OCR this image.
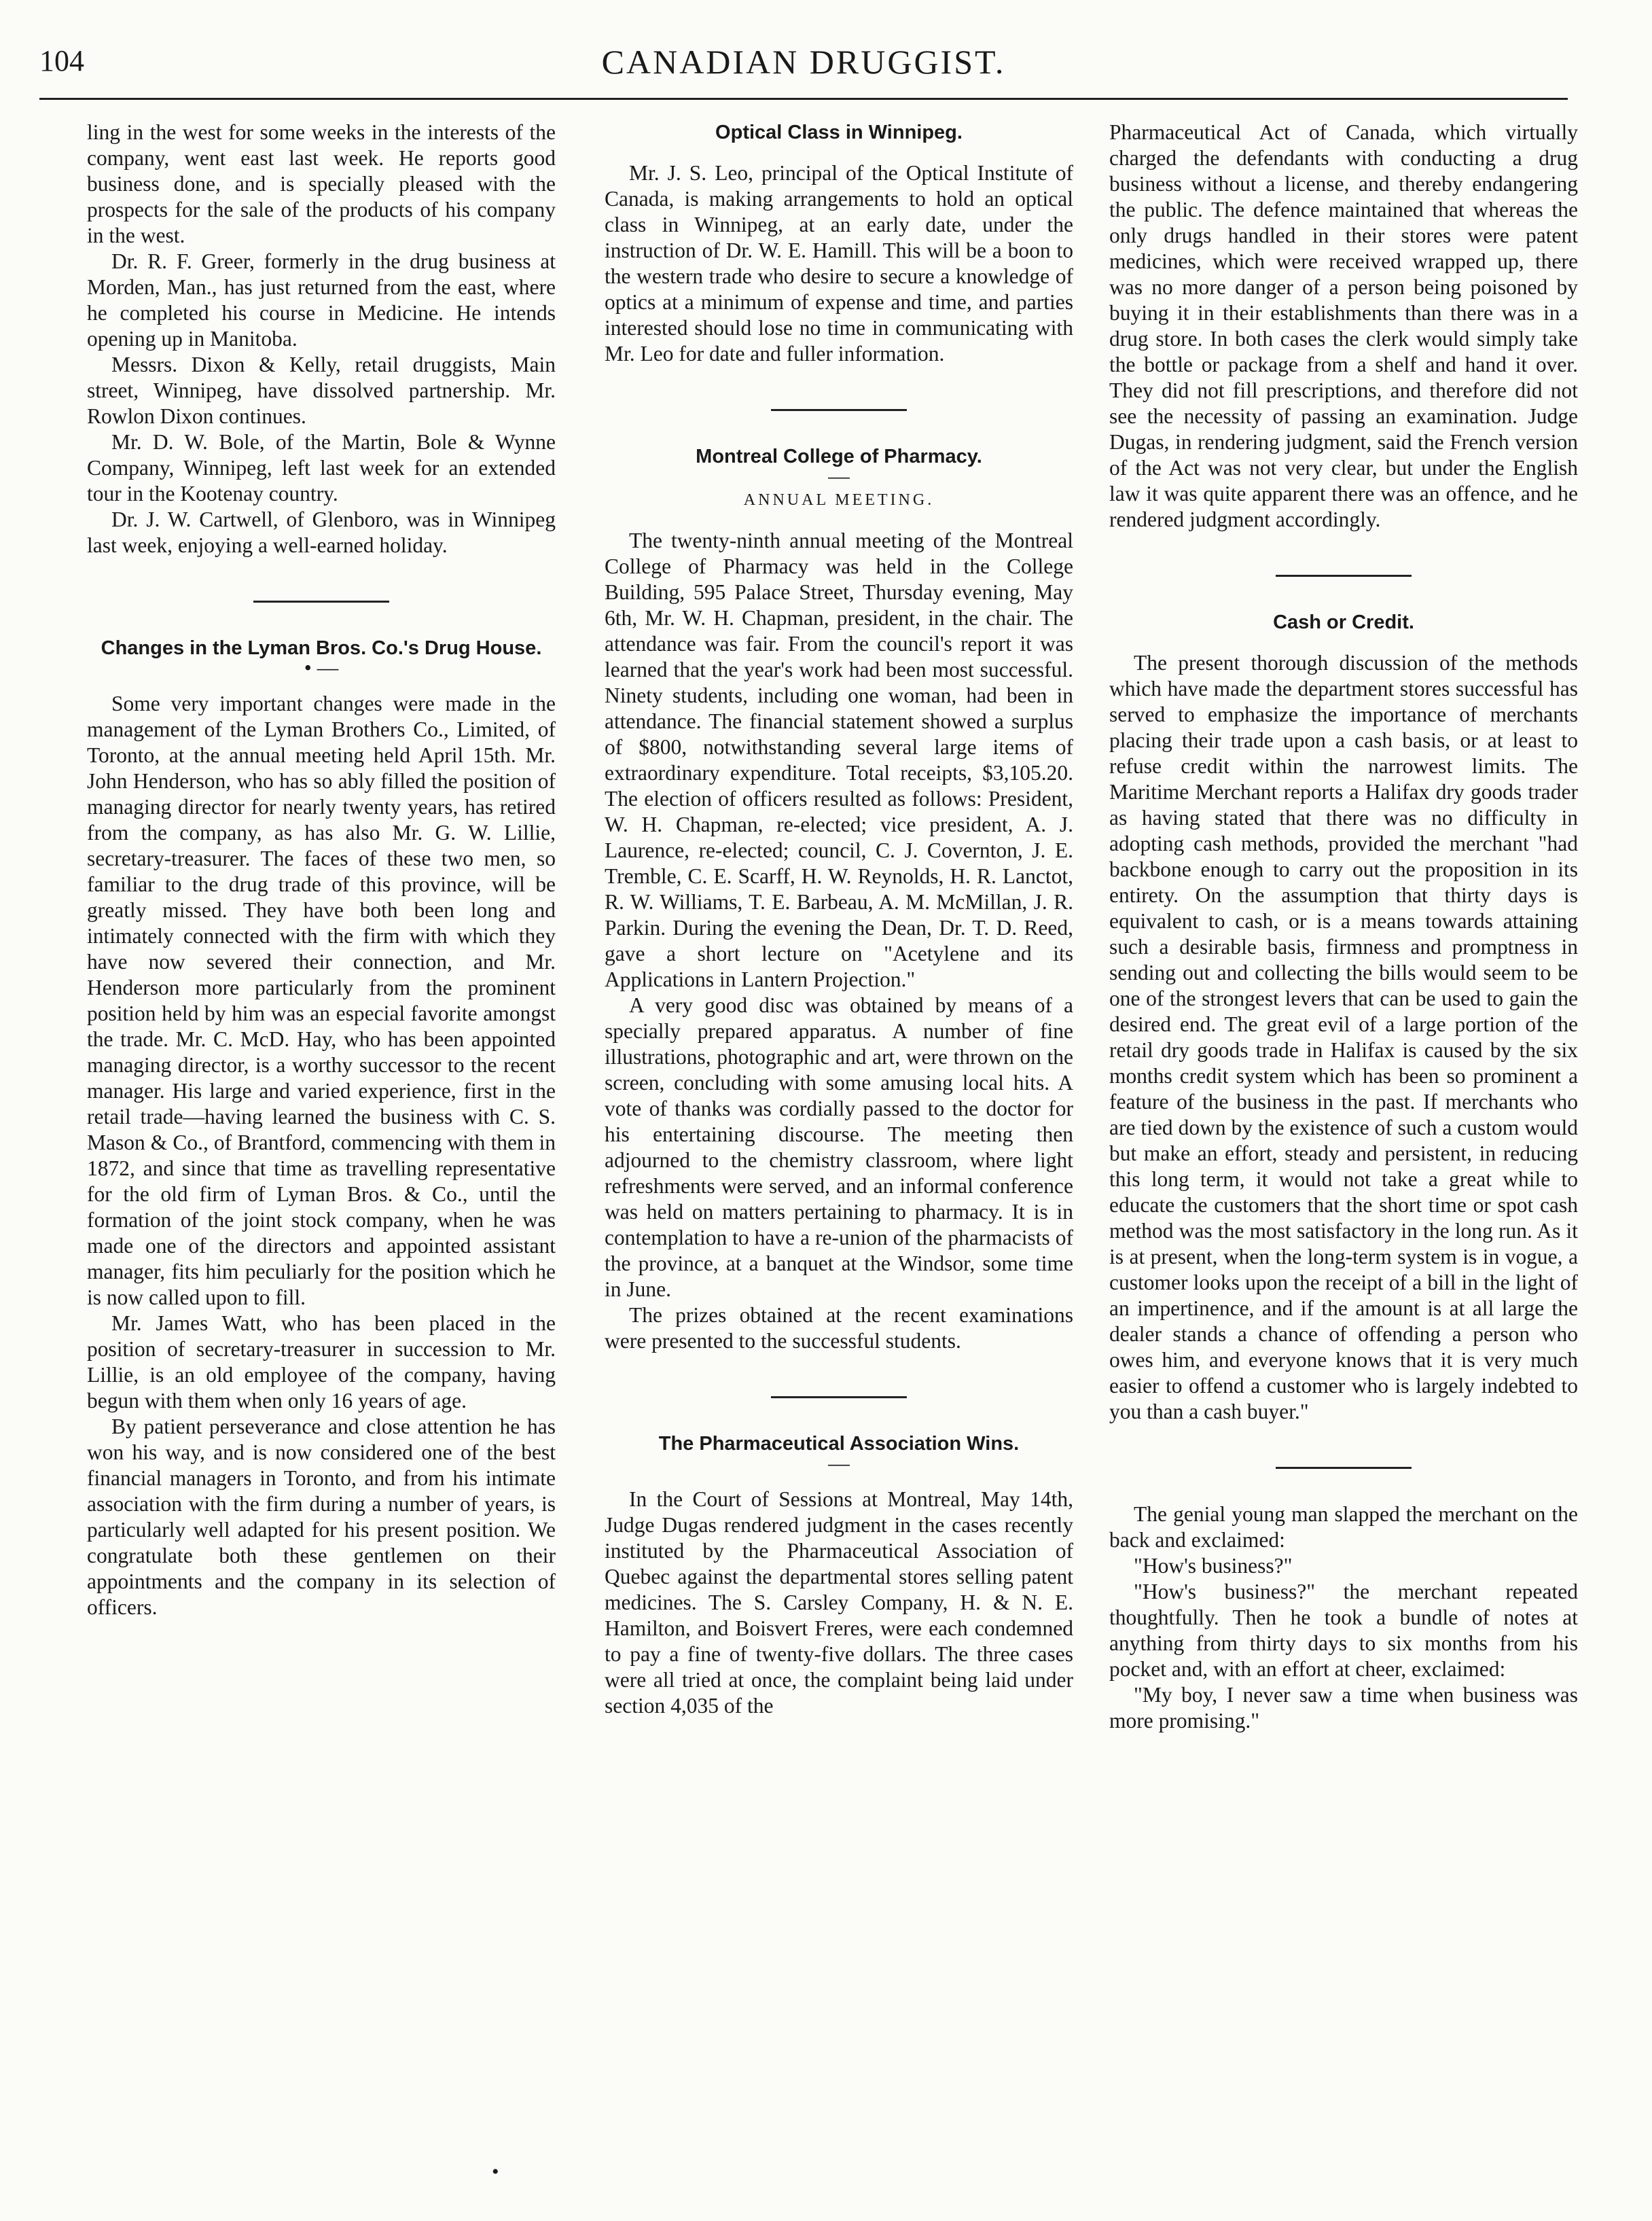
104	CANADIAN DRUGGIST.

ling in the west for some weeks in the interests of the company, went east last week. He reports good business done, and is specially pleased with the prospects for the sale of the products of his company in the west.

Dr. R. F. Greer, formerly in the drug business at Morden, Man., has just returned from the east, where he completed his course in Medicine. He intends opening up in Manitoba.

Messrs. Dixon & Kelly, retail druggists, Main street, Winnipeg, have dissolved partnership. Mr. Rowlon Dixon continues.

Mr. D. W. Bole, of the Martin, Bole & Wynne Company, Winnipeg, left last week for an extended tour in the Kootenay country.

Dr. J. W. Cartwell, of Glenboro, was in Winnipeg last week, enjoying a well-earned holiday.

Changes in the Lyman Bros. Co.'s Drug House.
• —

Some very important changes were made in the management of the Lyman Brothers Co., Limited, of Toronto, at the annual meeting held April 15th. Mr. John Henderson, who has so ably filled the position of managing director for nearly twenty years, has retired from the company, as has also Mr. G. W. Lillie, secretary-treasurer. The faces of these two men, so familiar to the drug trade of this province, will be greatly missed. They have both been long and intimately connected with the firm with which they have now severed their connection, and Mr. Henderson more particularly from the prominent position held by him was an especial favorite amongst the trade. Mr. C. McD. Hay, who has been appointed managing director, is a worthy successor to the recent manager. His large and varied experience, first in the retail trade—having learned the business with C. S. Mason & Co., of Brantford, commencing with them in 1872, and since that time as travelling representative for the old firm of Lyman Bros. & Co., until the formation of the joint stock company, when he was made one of the directors and appointed assistant manager, fits him peculiarly for the position which he is now called upon to fill.

Mr. James Watt, who has been placed in the position of secretary-treasurer in succession to Mr. Lillie, is an old employee of the company, having begun with them when only 16 years of age.

By patient perseverance and close attention he has won his way, and is now considered one of the best financial managers in Toronto, and from his intimate association with the firm during a number of years, is particularly well adapted for his present position. We congratulate both these gentlemen on their appointments and the company in its selection of officers.

Optical Class in Winnipeg.

Mr. J. S. Leo, principal of the Optical Institute of Canada, is making arrangements to hold an optical class in Winnipeg, at an early date, under the instruction of Dr. W. E. Hamill. This will be a boon to the western trade who desire to secure a knowledge of optics at a minimum of expense and time, and parties interested should lose no time in communicating with Mr. Leo for date and fuller information.

Montreal College of Pharmacy.
—
ANNUAL MEETING.

The twenty-ninth annual meeting of the Montreal College of Pharmacy was held in the College Building, 595 Palace Street, Thursday evening, May 6th, Mr. W. H. Chapman, president, in the chair. The attendance was fair. From the council's report it was learned that the year's work had been most successful. Ninety students, including one woman, had been in attendance. The financial statement showed a surplus of $800, notwithstanding several large items of extraordinary expenditure. Total receipts, $3,105.20. The election of officers resulted as follows: President, W. H. Chapman, re-elected; vice president, A. J. Laurence, re-elected; council, C. J. Covernton, J. E. Tremble, C. E. Scarff, H. W. Reynolds, H. R. Lanctot, R. W. Williams, T. E. Barbeau, A. M. McMillan, J. R. Parkin. During the evening the Dean, Dr. T. D. Reed, gave a short lecture on "Acetylene and its Applications in Lantern Projection."

A very good disc was obtained by means of a specially prepared apparatus. A number of fine illustrations, photographic and art, were thrown on the screen, concluding with some amusing local hits. A vote of thanks was cordially passed to the doctor for his entertaining discourse. The meeting then adjourned to the chemistry classroom, where light refreshments were served, and an informal conference was held on matters pertaining to pharmacy. It is in contemplation to have a re-union of the pharmacists of the province, at a banquet at the Windsor, some time in June.

The prizes obtained at the recent examinations were presented to the successful students.

The Pharmaceutical Association Wins.
—

In the Court of Sessions at Montreal, May 14th, Judge Dugas rendered judgment in the cases recently instituted by the Pharmaceutical Association of Quebec against the departmental stores selling patent medicines. The S. Carsley Company, H. & N. E. Hamilton, and Boisvert Freres, were each condemned to pay a fine of twenty-five dollars. The three cases were all tried at once, the complaint being laid under section 4,035 of the

Pharmaceutical Act of Canada, which virtually charged the defendants with conducting a drug business without a license, and thereby endangering the public. The defence maintained that whereas the only drugs handled in their stores were patent medicines, which were received wrapped up, there was no more danger of a person being poisoned by buying it in their establishments than there was in a drug store. In both cases the clerk would simply take the bottle or package from a shelf and hand it over. They did not fill prescriptions, and therefore did not see the necessity of passing an examination. Judge Dugas, in rendering judgment, said the French version of the Act was not very clear, but under the English law it was quite apparent there was an offence, and he rendered judgment accordingly.

Cash or Credit.

The present thorough discussion of the methods which have made the department stores successful has served to emphasize the importance of merchants placing their trade upon a cash basis, or at least to refuse credit within the narrowest limits. The Maritime Merchant reports a Halifax dry goods trader as having stated that there was no difficulty in adopting cash methods, provided the merchant "had backbone enough to carry out the proposition in its entirety. On the assumption that thirty days is equivalent to cash, or is a means towards attaining such a desirable basis, firmness and promptness in sending out and collecting the bills would seem to be one of the strongest levers that can be used to gain the desired end. The great evil of a large portion of the retail dry goods trade in Halifax is caused by the six months credit system which has been so prominent a feature of the business in the past. If merchants who are tied down by the existence of such a custom would but make an effort, steady and persistent, in reducing this long term, it would not take a great while to educate the customers that the short time or spot cash method was the most satisfactory in the long run. As it is at present, when the long-term system is in vogue, a customer looks upon the receipt of a bill in the light of an impertinence, and if the amount is at all large the dealer stands a chance of offending a person who owes him, and everyone knows that it is very much easier to offend a customer who is largely indebted to you than a cash buyer."

The genial young man slapped the merchant on the back and exclaimed:

"How's business?"

"How's business?" the merchant repeated thoughtfully. Then he took a bundle of notes at anything from thirty days to six months from his pocket and, with an effort at cheer, exclaimed:

"My boy, I never saw a time when business was more promising."

•
